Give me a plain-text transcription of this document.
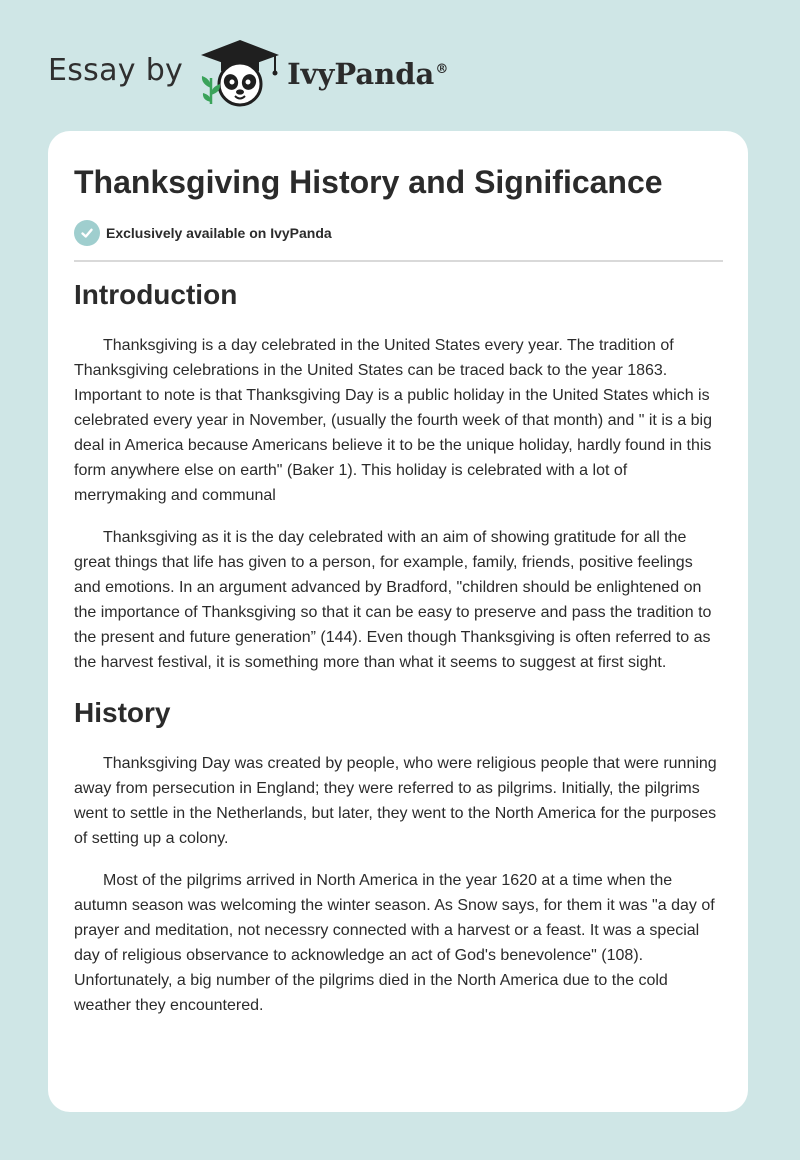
Essay by	IvyPanda®
Thanksgiving History and Significance
Exclusively available on IvyPanda
Introduction

Thanksgiving is a day celebrated in the United States every year. The tradition of Thanksgiving celebrations in the United States can be traced back to the year 1863. Important to note is that Thanksgiving Day is a public holiday in the United States which is celebrated every year in November, (usually the fourth week of that month) and " it is a big deal in America because Americans believe it to be the unique holiday, hardly found in this form anywhere else on earth" (Baker 1). This holiday is celebrated with a lot of merrymaking and communal

Thanksgiving as it is the day celebrated with an aim of showing gratitude for all the great things that life has given to a person, for example, family, friends, positive feelings and emotions. In an argument advanced by Bradford, "children should be enlightened on the importance of Thanksgiving so that it can be easy to preserve and pass the tradition to the present and future generation” (144). Even though Thanksgiving is often referred to as the harvest festival, it is something more than what it seems to suggest at first sight.

History

Thanksgiving Day was created by people, who were religious people that were running away from persecution in England; they were referred to as pilgrims. Initially, the pilgrims went to settle in the Netherlands, but later, they went to the North America for the purposes of setting up a colony.

Most of the pilgrims arrived in North America in the year 1620 at a time when the autumn season was welcoming the winter season. As Snow says, for them it was "a day of prayer and meditation, not necessry connected with a harvest or a feast. It was a special day of religious observance to acknowledge an act of God's benevolence" (108). Unfortunately, a big number of the pilgrims died in the North America due to the cold weather they encountered.
